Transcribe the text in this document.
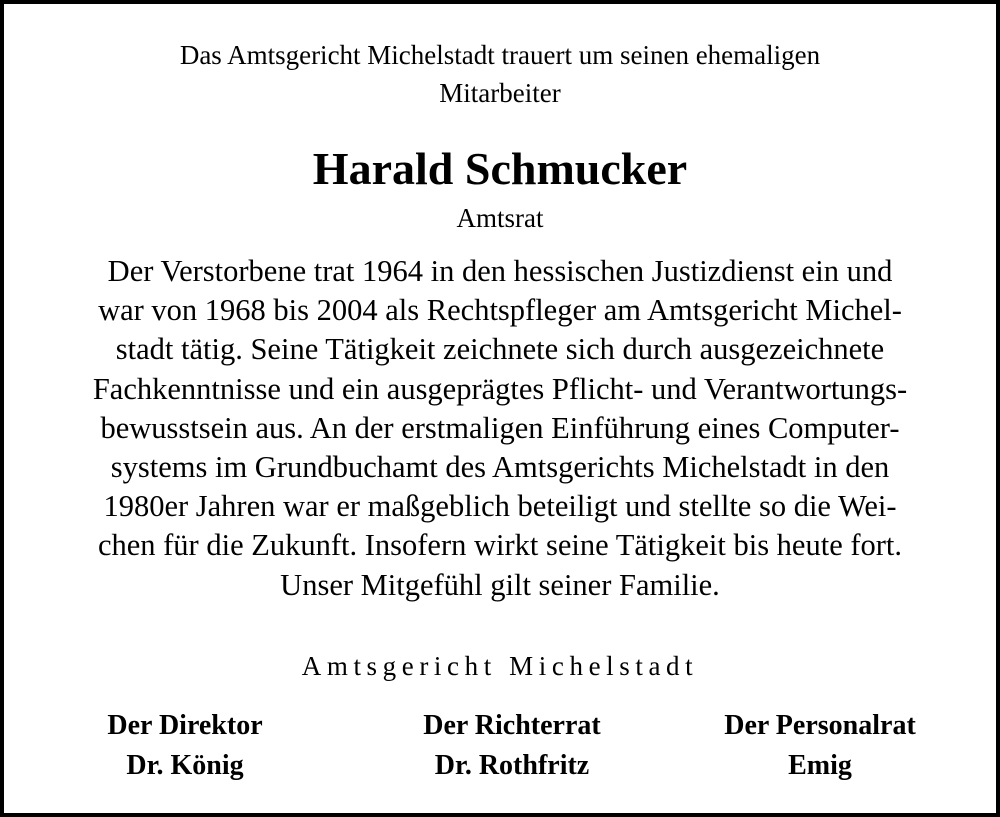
Das Amtsgericht Michelstadt trauert um seinen ehemaligen
Mitarbeiter
Harald Schmucker
Amtsrat
Der Verstorbene trat 1964 in den hessischen Justizdienst ein und
war von 1968 bis 2004 als Rechtspfleger am Amtsgericht Michel-
stadt tätig. Seine Tätigkeit zeichnete sich durch ausgezeichnete
Fachkenntnisse und ein ausgeprägtes Pflicht- und Verantwortungs-
bewusstsein aus. An der erstmaligen Einführung eines Computer-
systems im Grundbuchamt des Amtsgerichts Michelstadt in den
1980er Jahren war er maßgeblich beteiligt und stellte so die Wei-
chen für die Zukunft. Insofern wirkt seine Tätigkeit bis heute fort.
Unser Mitgefühl gilt seiner Familie.
Amtsgericht Michelstadt
Der Direktor
Dr. König
Der Richterrat
Dr. Rothfritz
Der Personalrat
Emig
